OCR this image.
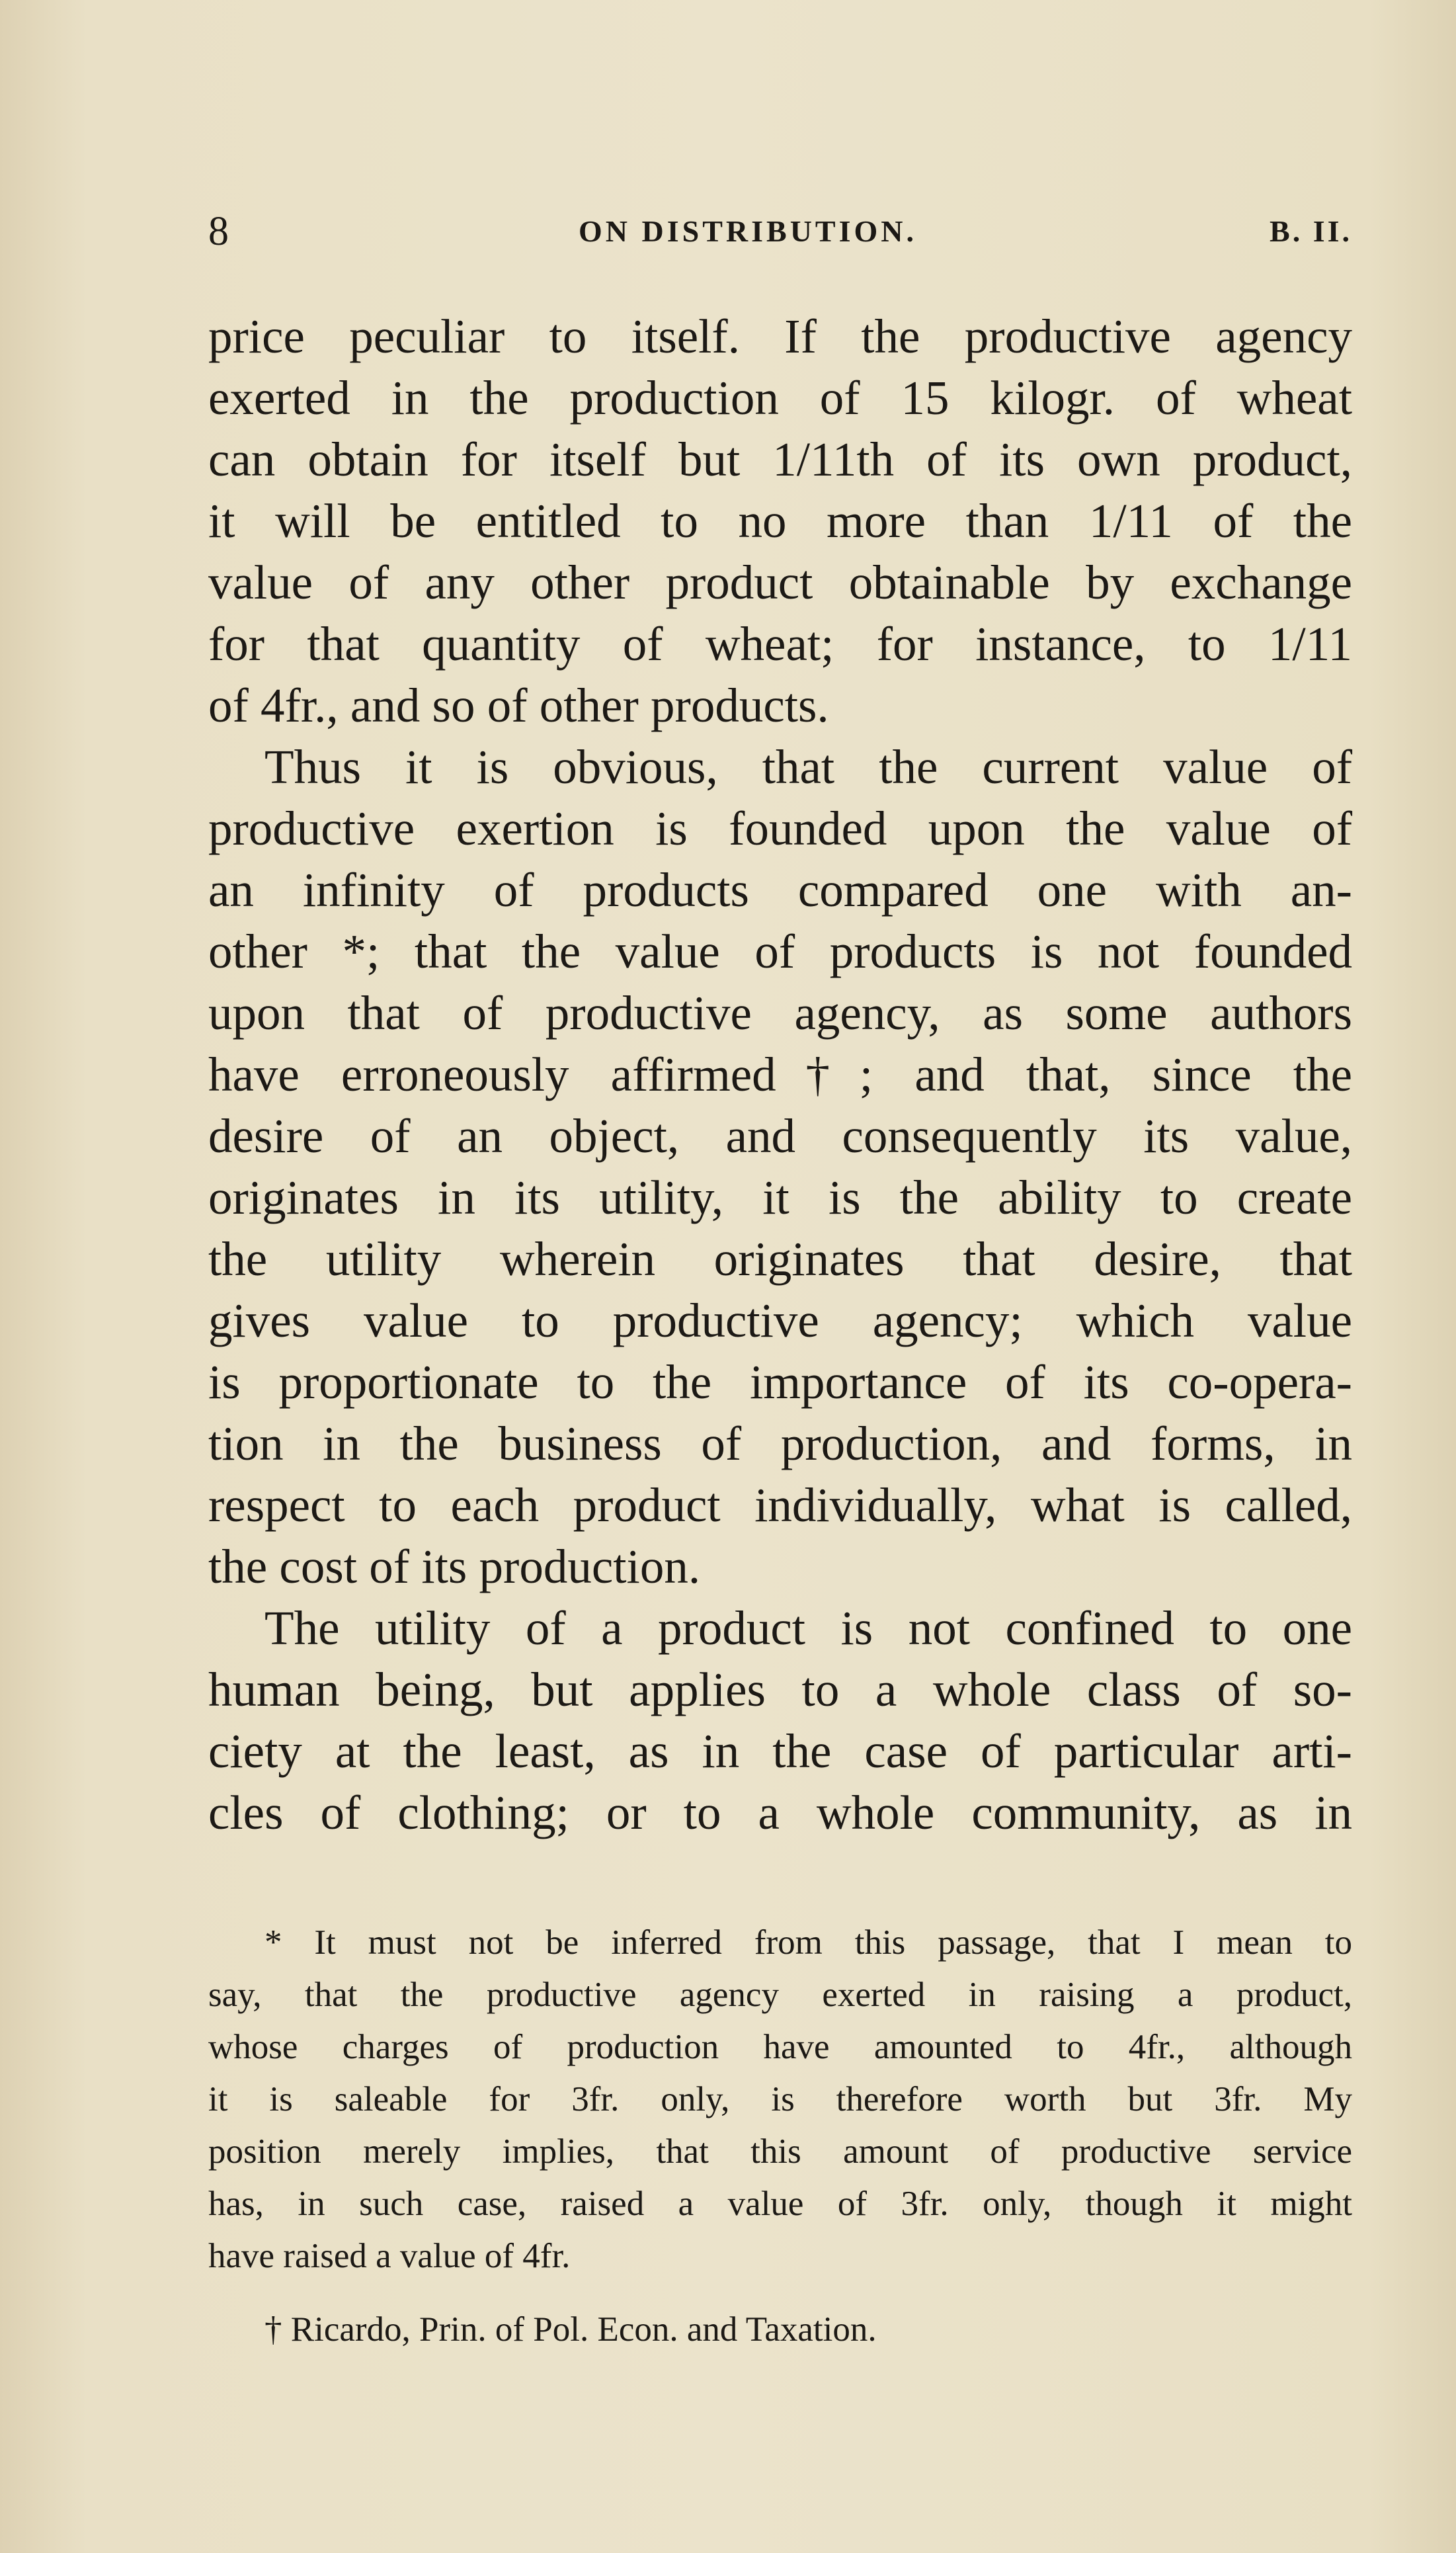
8	ON DISTRIBUTION.	B. II.
price peculiar to itself. If the productive agency
exerted in the production of 15 kilogr. of wheat
can obtain for itself but 1/11th of its own product,
it will be entitled to no more than 1/11 of the
value of any other product obtainable by exchange
for that quantity of wheat; for instance, to 1/11
of 4fr., and so of other products.
Thus it is obvious, that the current value of
productive exertion is founded upon the value of
an infinity of products compared one with an-
other *; that the value of products is not founded
upon that of productive agency, as some authors
have erroneously affirmed†; and that, since the
desire of an object, and consequently its value,
originates in its utility, it is the ability to create
the utility wherein originates that desire, that
gives value to productive agency; which value
is proportionate to the importance of its co-opera-
tion in the business of production, and forms, in
respect to each product individually, what is called,
the cost of its production.
The utility of a product is not confined to one
human being, but applies to a whole class of so-
ciety at the least, as in the case of particular arti-
cles of clothing; or to a whole community, as in
* It must not be inferred from this passage, that I mean to
say, that the productive agency exerted in raising a product,
whose charges of production have amounted to 4fr., although
it is saleable for 3fr. only, is therefore worth but 3fr. My
position merely implies, that this amount of productive service
has, in such case, raised a value of 3fr. only, though it might
have raised a value of 4fr.
† Ricardo, Prin. of Pol. Econ. and Taxation.
